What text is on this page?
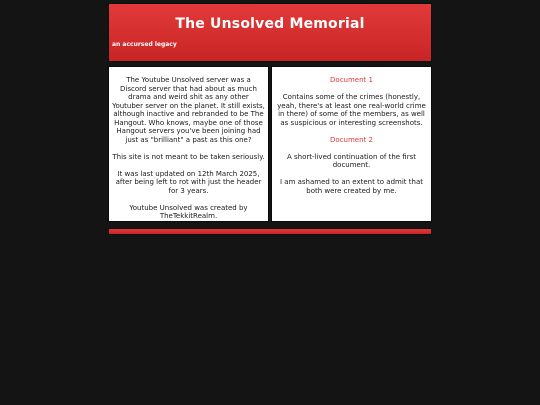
The Unsolved Memorial
an accursed legacy

The Youtube Unsolved server was a Discord server that had about as much drama and weird shit as any other Youtuber server on the planet. It still exists, although inactive and rebranded to be The Hangout. Who knows, maybe one of those Hangout servers you've been joining had just as "brilliant" a past as this one?

This site is not meant to be taken seriously.

It was last updated on 12th March 2025, after being left to rot with just the header for 3 years.

Youtube Unsolved was created by TheTekkitRealm.

Document 1

Contains some of the crimes (honestly, yeah, there's at least one real-world crime in there) of some of the members, as well as suspicious or interesting screenshots.

Document 2

A short-lived continuation of the first document.

I am ashamed to an extent to admit that both were created by me.
